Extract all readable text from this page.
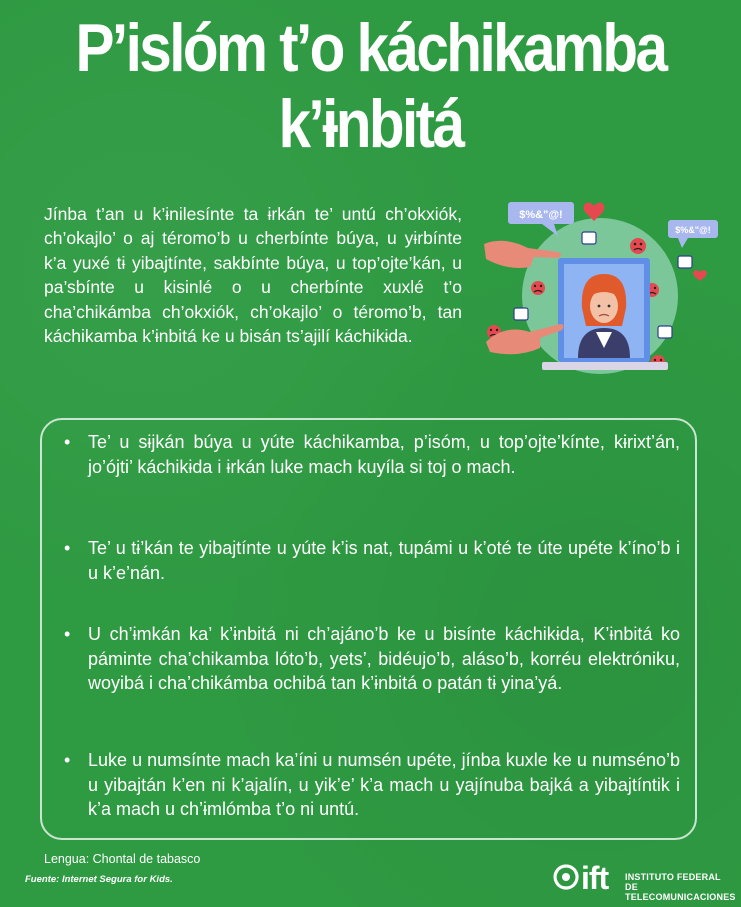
P’islóm t’o káchikamba
k’ɨnbitá

Jínba t’an u k’ɨnilesínte ta ɨrkán te’ untú ch’okxiók, ch’okajlo’ o aj téromo’b u cherbínte búya, u yɨrbínte k’a yuxé tɨ yibajtínte, sakbínte búya, u top’ojte’kán, u pa’sbínte u kisinlé o u cherbínte xuxlé t’o cha’chikámba ch’okxiók, ch’okajlo’ o téromo’b, tan káchikamba k’ɨnbitá ke u bisán ts’ajilí káchikɨda.

$%&"@!
$%&"@!
• Te’ u sɨjkán búya u yúte káchikamba, p’isóm, u top’ojte’kínte, kɨrixt’án, jo’ójti’ káchikɨda i ɨrkán luke mach kuyíla si toj o mach.
• Te’ u tɨ’kán te yibajtínte u yúte k’is nat, tupámi u k’oté te úte upéte k’íno’b i u k’e’nán.
• U ch’ɨmkán ka’ k’ɨnbitá ni ch’ajáno’b ke u bisínte káchikɨda, K’ɨnbitá ko páminte cha’chikamba lóto’b, yets’, bidéujo’b, aláso’b, korréu elektróniku, woyibá i cha’chikámba ochibá tan k’ɨnbitá o patán tɨ yina’yá.
• Luke u numsínte mach ka’íni u numsén upéte, jínba kuxle ke u numséno’b u yibajtán k’en ni k’ajalín, u yik’e’ k’a mach u yajínuba bajká a yibajtíntik i k’a mach u ch’ɨmlómba t’o ni untú.
Lengua: Chontal de tabasco
Fuente: Internet Segura for Kids.	ift INSTITUTO FEDERAL DE
TELECOMUNICACIONES
